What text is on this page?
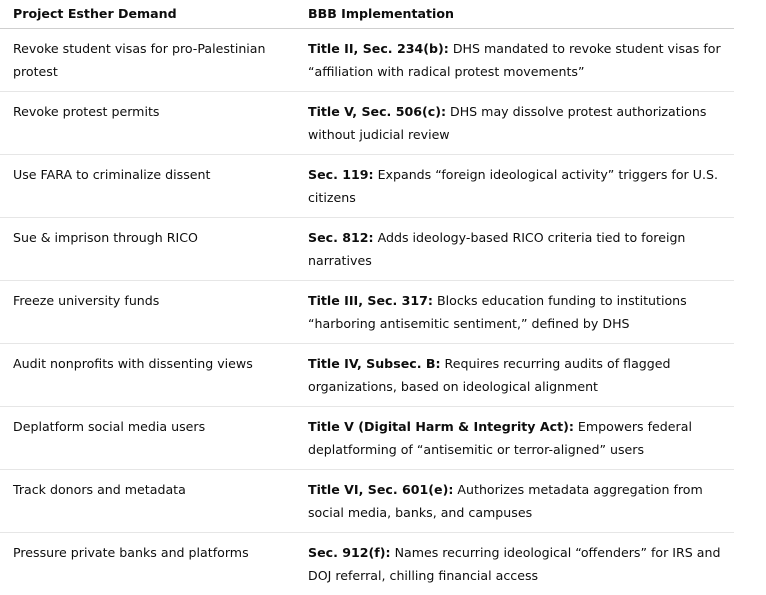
Project Esther Demand	BBB Implementation
Revoke student visas for pro-Palestinian protest	Title II, Sec. 234(b): DHS mandated to revoke student visas for “affiliation with radical protest movements”
Revoke protest permits	Title V, Sec. 506(c): DHS may dissolve protest authorizations without judicial review
Use FARA to criminalize dissent	Sec. 119: Expands “foreign ideological activity” triggers for U.S. citizens
Sue & imprison through RICO	Sec. 812: Adds ideology-based RICO criteria tied to foreign narratives
Freeze university funds	Title III, Sec. 317: Blocks education funding to institutions “harboring antisemitic sentiment,” defined by DHS
Audit nonprofits with dissenting views	Title IV, Subsec. B: Requires recurring audits of flagged organizations, based on ideological alignment
Deplatform social media users	Title V (Digital Harm & Integrity Act): Empowers federal deplatforming of “antisemitic or terror-aligned” users
Track donors and metadata	Title VI, Sec. 601(e): Authorizes metadata aggregation from social media, banks, and campuses
Pressure private banks and platforms	Sec. 912(f): Names recurring ideological “offenders” for IRS and DOJ referral, chilling financial access
